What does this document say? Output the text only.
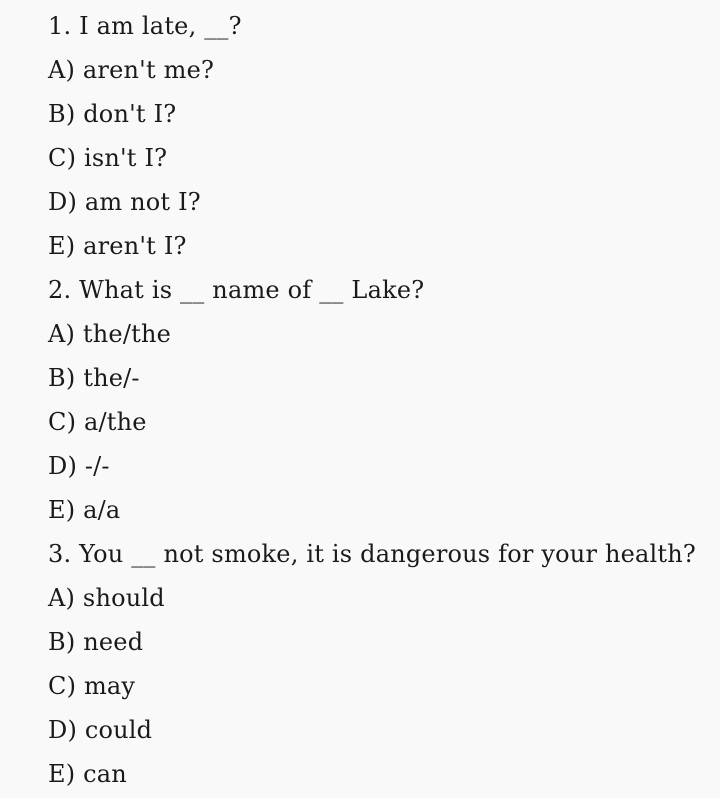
1. I am late, __?
A) aren't me?
B) don't I?
C) isn't I?
D) am not I?
E) aren't I?
2. What is __ name of __ Lake?
A) the/the
B) the/-
C) a/the
D) -/-
E) a/a
3. You __ not smoke, it is dangerous for your health?
A) should
B) need
C) may
D) could
E) can
